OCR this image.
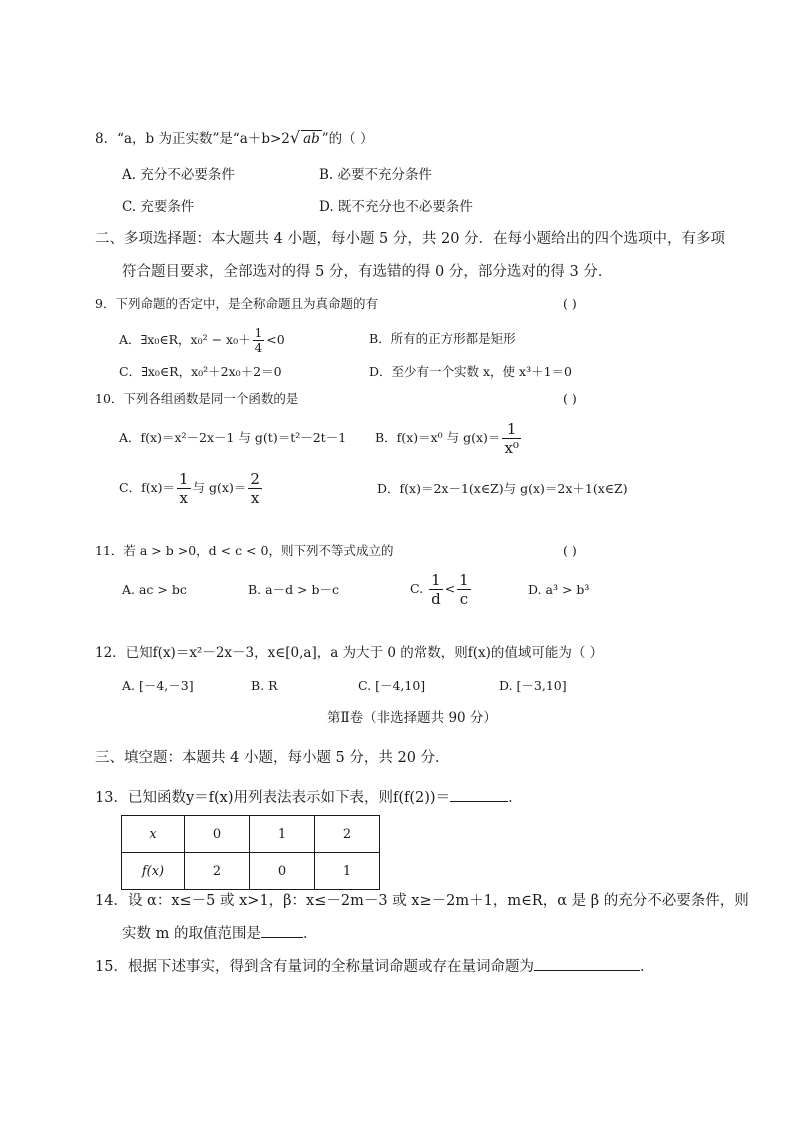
8．“a，b 为正实数”是“a＋b>2√ ab ”的（ ）
A. 充分不必要条件	B. 必要不充分条件
C. 充要条件	D. 既不充分也不必要条件
二、多项选择题：本大题共 4 小题，每小题 5 分，共 20 分．在每小题给出的四个选项中，有多项
符合题目要求，全部选对的得 5 分，有选错的得 0 分，部分选对的得 3 分．
9．下列命题的否定中，是全称命题且为真命题的有	( )
A．∃x₀∈R，$x_0^2 - x_0+ \frac{1}{4} <0$	B．所有的正方形都是矩形
C．∃x₀∈R，x₀²＋2x₀＋2＝0	D．至少有一个实数 x，使 x³＋1＝0
10．下列各组函数是同一个函数的是	( )
A．f(x)＝x²－2x－1 与 g(t)＝t²－2t－1 B．f(x)＝x⁰ 与 $g(x)= \frac{1}{\text{x⁰}}$
C．$f(x)= \frac{1}{x}$ 与 $g(x)= \frac{2}{x}$	D．f(x)＝2x－1(x∈Z)与 g(x)＝2x＋1(x∈Z)
11．若 a > b >0，d < c < 0，则下列不等式成立的	( )
A. ac > bc	B. a－d > b－c	C. $\frac{1}{d} < \frac{1}{c}$	D. a³ > b³
12．已知f(x)＝x²－2x－3，x∈[0,a]，a 为大于 0 的常数，则f(x)的值域可能为（ ）
A. [－4,－3]	B. R	C. [－4,10]	D. [－3,10]
第Ⅱ卷（非选择题共 90 分）
三、填空题：本题共 4 小题，每小题 5 分，共 20 分．
13．已知函数y＝f(x)用列表法表示如下表，则f(f(2))＝	．
x	0	1	2
f(x)	2	0	1
14．设 α：x≤－5 或 x>1，β：x≤－2m－3 或 x≥－2m＋1，m∈R，α 是 β 的充分不必要条件，则
实数 m 的取值范围是	．
15．根据下述事实，得到含有量词的全称量词命题或存在量词命题为	．
